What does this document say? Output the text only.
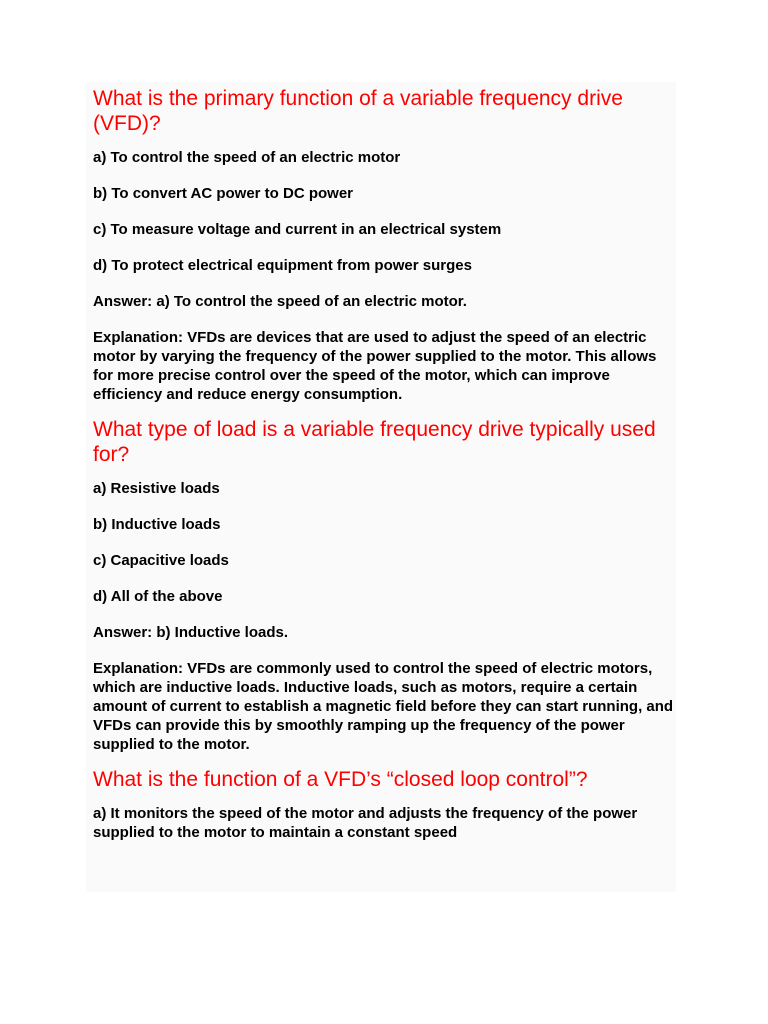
What is the primary function of a variable frequency drive (VFD)?
a) To control the speed of an electric motor
b) To convert AC power to DC power
c) To measure voltage and current in an electrical system
d) To protect electrical equipment from power surges
Answer: a) To control the speed of an electric motor.
Explanation: VFDs are devices that are used to adjust the speed of an electric motor by varying the frequency of the power supplied to the motor. This allows for more precise control over the speed of the motor, which can improve efficiency and reduce energy consumption.
What type of load is a variable frequency drive typically used for?
a) Resistive loads
b) Inductive loads
c) Capacitive loads
d) All of the above
Answer: b) Inductive loads.
Explanation: VFDs are commonly used to control the speed of electric motors, which are inductive loads. Inductive loads, such as motors, require a certain amount of current to establish a magnetic field before they can start running, and VFDs can provide this by smoothly ramping up the frequency of the power supplied to the motor.
What is the function of a VFD’s “closed loop control”?
a) It monitors the speed of the motor and adjusts the frequency of the power supplied to the motor to maintain a constant speed
